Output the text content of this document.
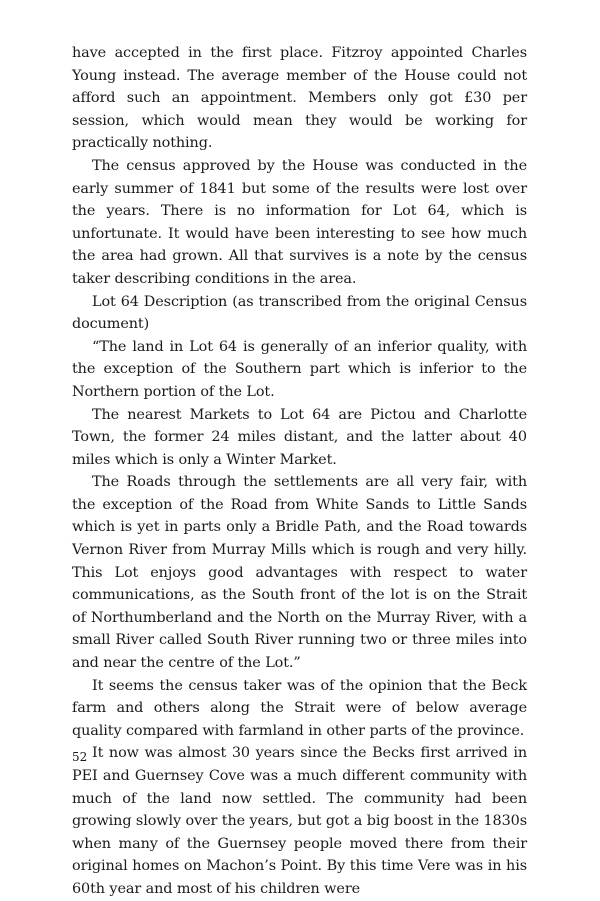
have accepted in the first place. Fitzroy appointed Charles Young instead. The average member of the House could not afford such an appointment. Members only got £30 per session, which would mean they would be working for practically nothing.

The census approved by the House was conducted in the early summer of 1841 but some of the results were lost over the years. There is no information for Lot 64, which is unfortunate. It would have been interesting to see how much the area had grown. All that survives is a note by the census taker describing conditions in the area.

Lot 64 Description (as transcribed from the original Census document)

“The land in Lot 64 is generally of an inferior quality, with the exception of the Southern part which is inferior to the Northern portion of the Lot.

The nearest Markets to Lot 64 are Pictou and Charlotte Town, the former 24 miles distant, and the latter about 40 miles which is only a Winter Market.

The Roads through the settlements are all very fair, with the exception of the Road from White Sands to Little Sands which is yet in parts only a Bridle Path, and the Road towards Vernon River from Murray Mills which is rough and very hilly. This Lot enjoys good advantages with respect to water communications, as the South front of the lot is on the Strait of Northumberland and the North on the Murray River, with a small River called South River running two or three miles into and near the centre of the Lot.”

It seems the census taker was of the opinion that the Beck farm and others along the Strait were of below average quality compared with farmland in other parts of the province.

It now was almost 30 years since the Becks first arrived in PEI and Guernsey Cove was a much different community with much of the land now settled. The community had been growing slowly over the years, but got a big boost in the 1830s when many of the Guernsey people moved there from their original homes on Machon’s Point. By this time Vere was in his 60th year and most of his children were

52
